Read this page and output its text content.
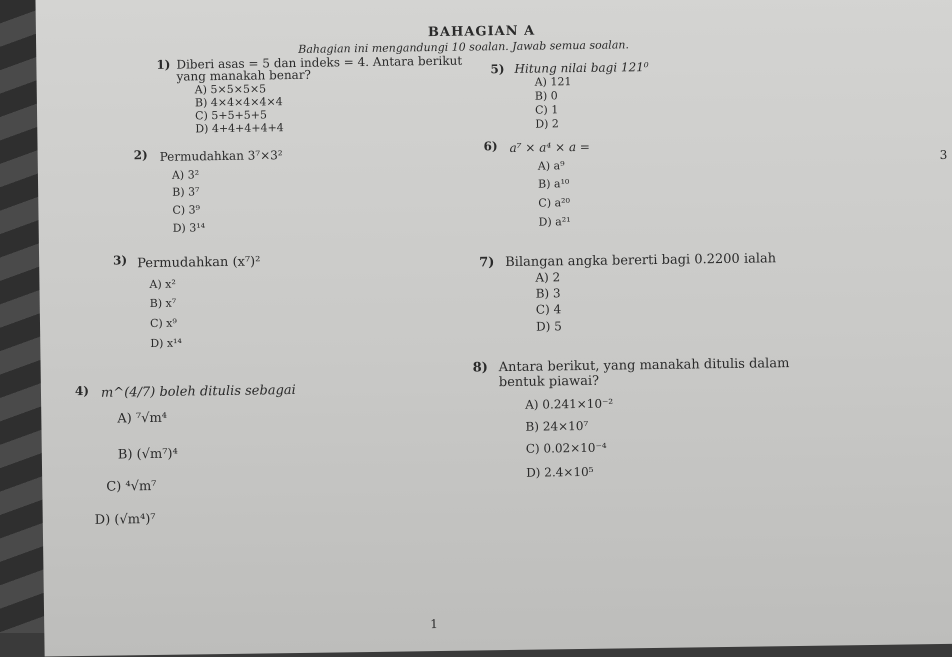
BAHAGIAN A
Bahagian ini mengandungi 10 soalan. Jawab semua soalan.
1) Diberi asas = 5 dan indeks = 4. Antara berikut
yang manakah benar?
A) 5×5×5×5
B) 4×4×4×4×4
C) 5+5+5+5
D) 4+4+4+4+4
2) Permudahkan 3⁷×3²
A) 3²
B) 3⁷
C) 3⁹
D) 3¹⁴
3) Permudahkan (x⁷)²
A) x²
B) x⁷
C) x⁹
D) x¹⁴
4) m^(4/7) boleh ditulis sebagai
A) ⁷√m⁴
B) (√m⁷)⁴
C) ⁴√m⁷
D) (√m⁴)⁷
5) Hitung nilai bagi 121⁰
A) 121
B) 0
C) 1
D) 2
6) a⁷ × a⁴ × a =
A) a⁹
B) a¹⁰
C) a²⁰
D) a²¹
7) Bilangan angka bererti bagi 0.2200 ialah
A) 2
B) 3
C) 4
D) 5
8) Antara berikut, yang manakah ditulis dalam
bentuk piawai?
A) 0.241×10⁻²
B) 24×10⁷
C) 0.02×10⁻⁴
D) 2.4×10⁵
3
1
